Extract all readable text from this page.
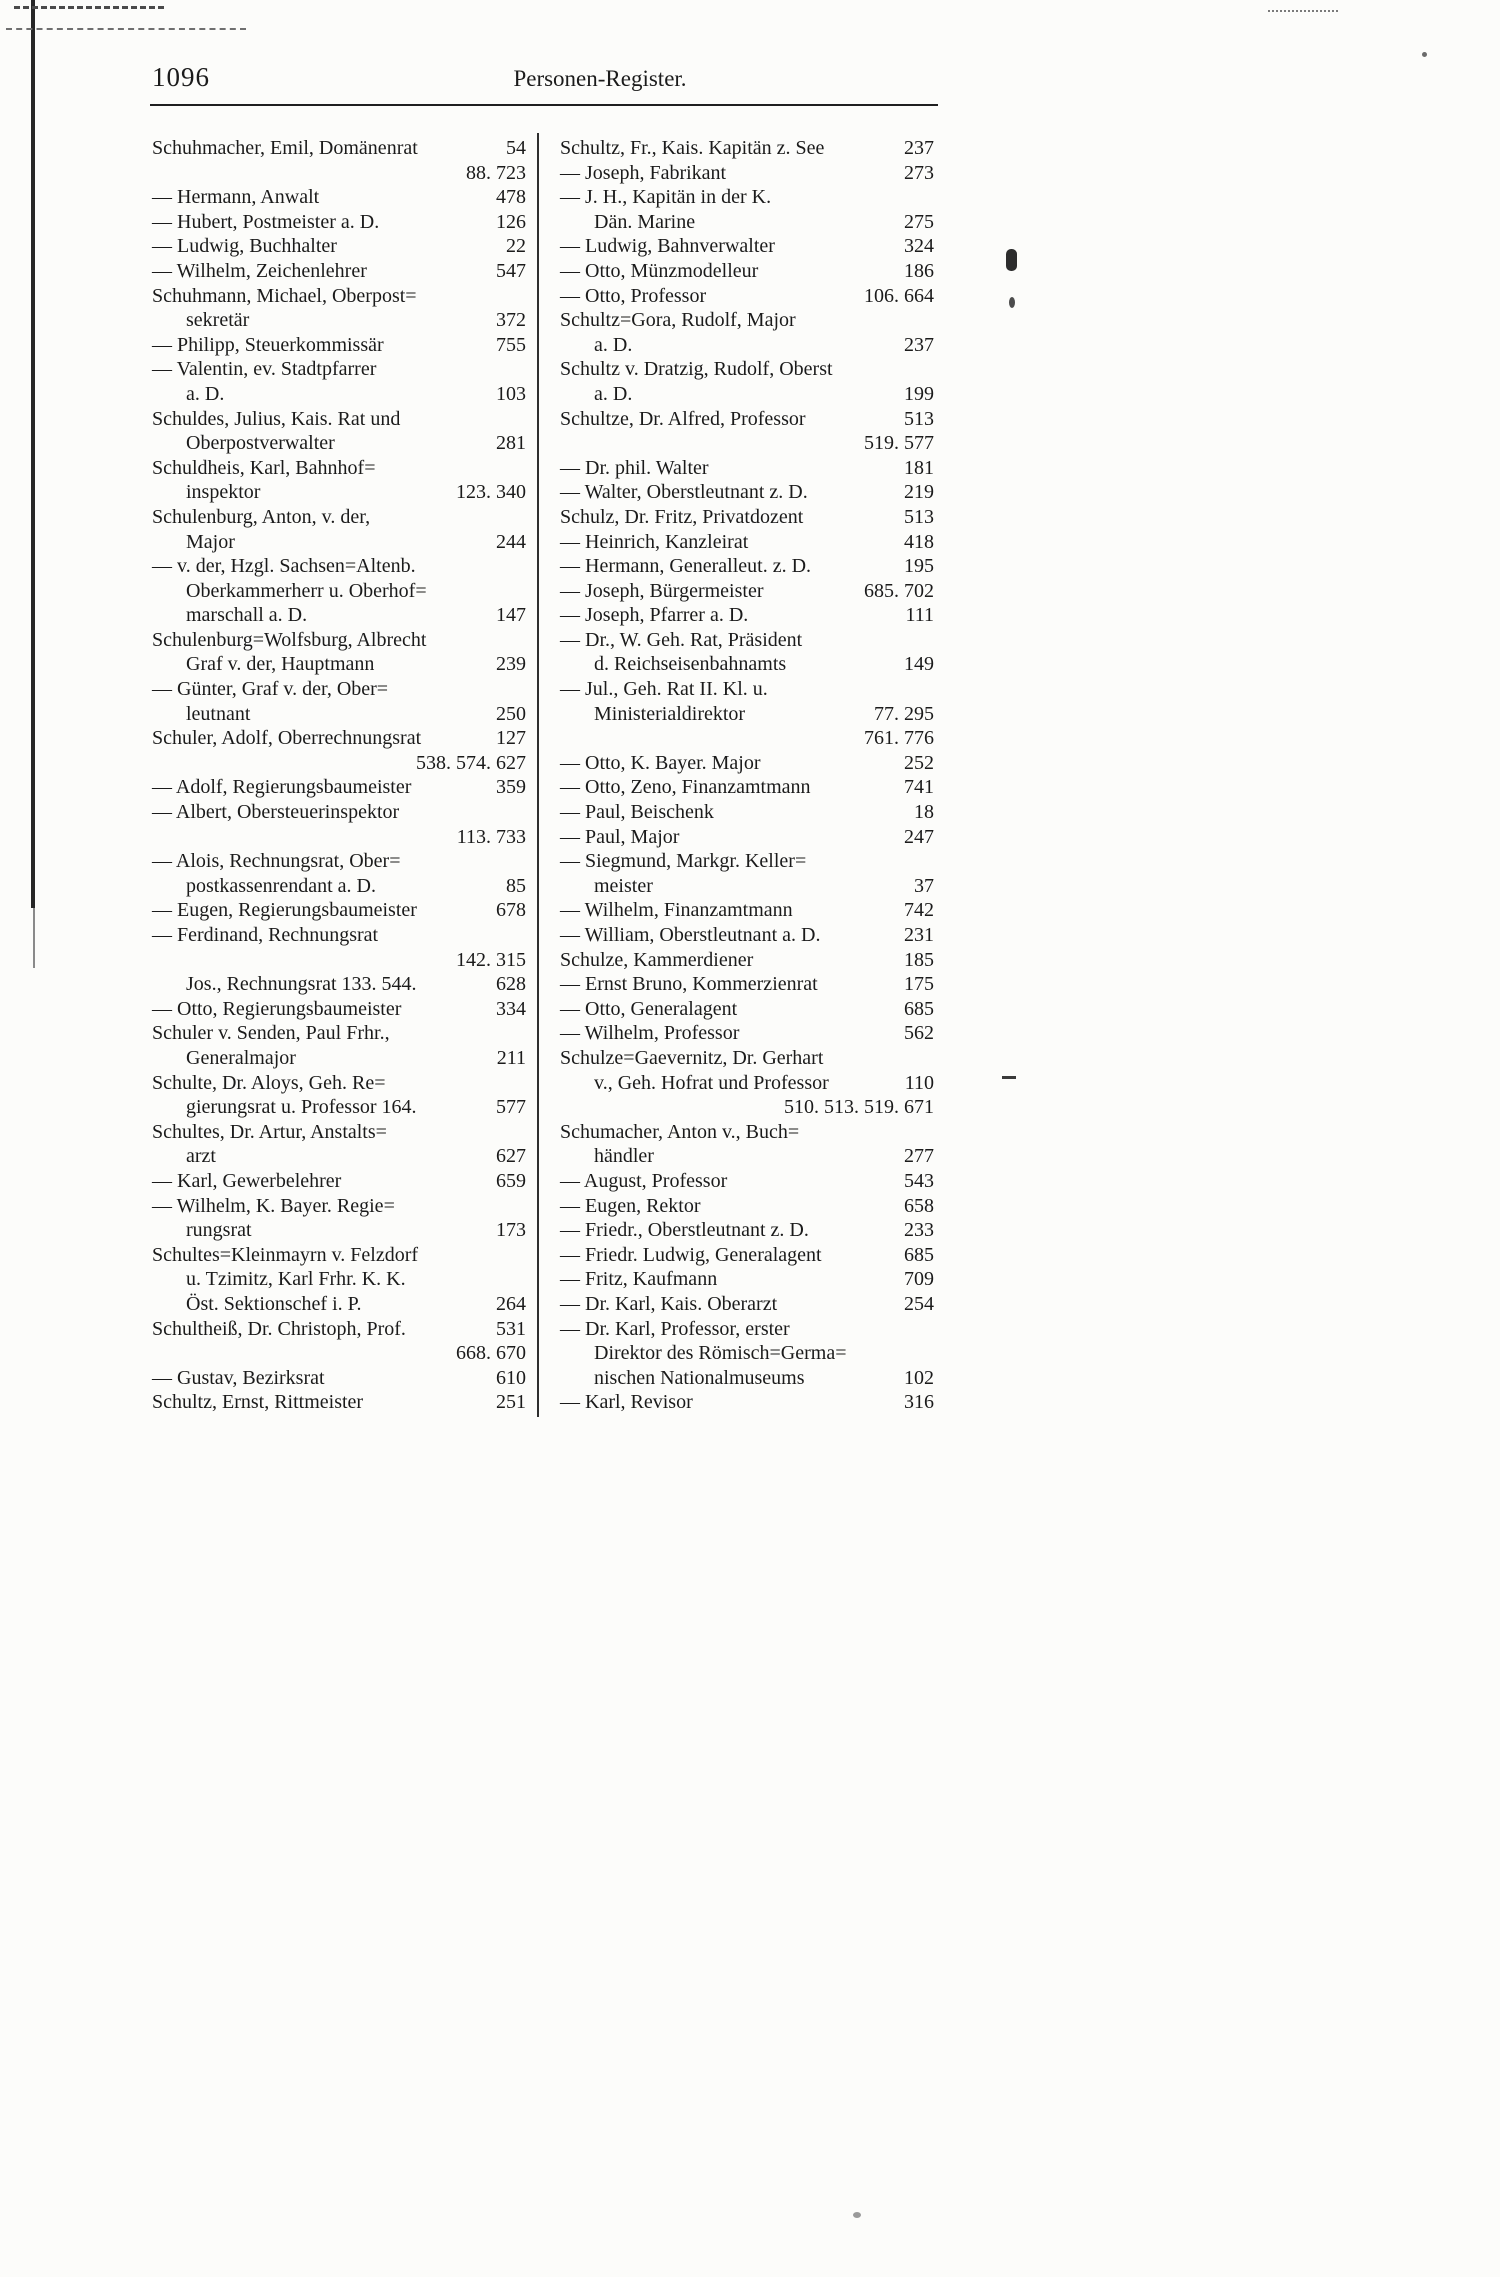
1096	Personen-Register.
Schuhmacher, Emil, Domänenrat	54
88. 723
— Hermann, Anwalt	478
— Hubert, Postmeister a. D.	126
— Ludwig, Buchhalter	22
— Wilhelm, Zeichenlehrer	547
Schuhmann, Michael, Oberpost=
sekretär	372
— Philipp, Steuerkommissär	755
— Valentin, ev. Stadtpfarrer
a. D.	103
Schuldes, Julius, Kais. Rat und
Oberpostverwalter	281
Schuldheis, Karl, Bahnhof=
inspektor	123. 340
Schulenburg, Anton, v. der,
Major	244
— v. der, Hzgl. Sachsen=Altenb.
Oberkammerherr u. Oberhof=
marschall a. D.	147
Schulenburg=Wolfsburg, Albrecht
Graf v. der, Hauptmann	239
— Günter, Graf v. der, Ober=
leutnant	250
Schuler, Adolf, Oberrechnungsrat	127
538. 574. 627
— Adolf, Regierungsbaumeister	359
— Albert, Obersteuerinspektor
113. 733
— Alois, Rechnungsrat, Ober=
postkassenrendant a. D.	85
— Eugen, Regierungsbaumeister	678
— Ferdinand, Rechnungsrat
142. 315
Jos., Rechnungsrat 133. 544.	628
— Otto, Regierungsbaumeister	334
Schuler v. Senden, Paul Frhr.,
Generalmajor	211
Schulte, Dr. Aloys, Geh. Re=
gierungsrat u. Professor 164.	577
Schultes, Dr. Artur, Anstalts=
arzt	627
— Karl, Gewerbelehrer	659
— Wilhelm, K. Bayer. Regie=
rungsrat	173
Schultes=Kleinmayrn v. Felzdorf
u. Tzimitz, Karl Frhr. K. K.
Öst. Sektionschef i. P.	264
Schultheiß, Dr. Christoph, Prof.	531
668. 670
— Gustav, Bezirksrat	610
Schultz, Ernst, Rittmeister	251
Schultz, Fr., Kais. Kapitän z. See	237
— Joseph, Fabrikant	273
— J. H., Kapitän in der K.
Dän. Marine	275
— Ludwig, Bahnverwalter	324
— Otto, Münzmodelleur	186
— Otto, Professor	106. 664
Schultz=Gora, Rudolf, Major
a. D.	237
Schultz v. Dratzig, Rudolf, Oberst
a. D.	199
Schultze, Dr. Alfred, Professor	513
519. 577
— Dr. phil. Walter	181
— Walter, Oberstleutnant z. D.	219
Schulz, Dr. Fritz, Privatdozent	513
— Heinrich, Kanzleirat	418
— Hermann, Generalleut. z. D.	195
— Joseph, Bürgermeister	685. 702
— Joseph, Pfarrer a. D.	111
— Dr., W. Geh. Rat, Präsident
d. Reichseisenbahnamts	149
— Jul., Geh. Rat II. Kl. u.
Ministerialdirektor	77. 295
761. 776
— Otto, K. Bayer. Major	252
— Otto, Zeno, Finanzamtmann	741
— Paul, Beischenk	18
— Paul, Major	247
— Siegmund, Markgr. Keller=
meister	37
— Wilhelm, Finanzamtmann	742
— William, Oberstleutnant a. D.	231
Schulze, Kammerdiener	185
— Ernst Bruno, Kommerzienrat	175
— Otto, Generalagent	685
— Wilhelm, Professor	562
Schulze=Gaevernitz, Dr. Gerhart
v., Geh. Hofrat und Professor	110
510. 513. 519. 671
Schumacher, Anton v., Buch=
händler	277
— August, Professor	543
— Eugen, Rektor	658
— Friedr., Oberstleutnant z. D.	233
— Friedr. Ludwig, Generalagent	685
— Fritz, Kaufmann	709
— Dr. Karl, Kais. Oberarzt	254
— Dr. Karl, Professor, erster
Direktor des Römisch=Germa=
nischen Nationalmuseums	102
— Karl, Revisor	316
